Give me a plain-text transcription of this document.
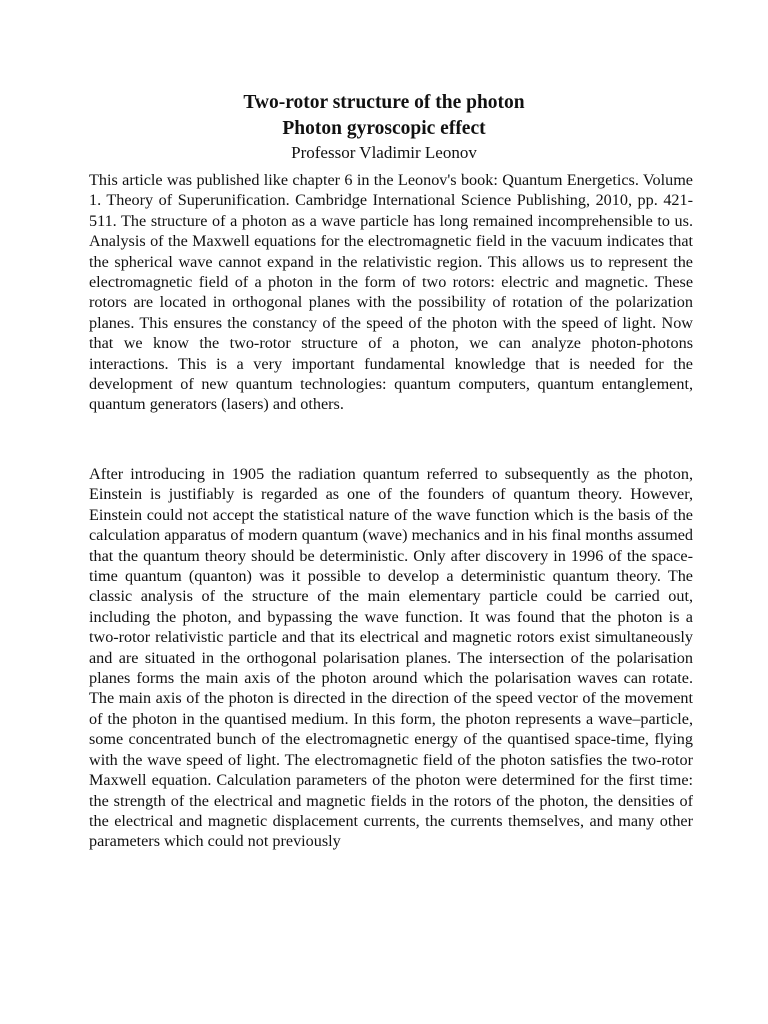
Two-rotor structure of the photon

Photon gyroscopic effect

Professor Vladimir Leonov

This article was published like chapter 6 in the Leonov's book: Quantum Energetics. Volume 1. Theory of Superunification. Cambridge International Science Publishing, 2010, pp. 421-511. The structure of a photon as a wave particle has long remained incomprehensible to us. Analysis of the Maxwell equations for the electromagnetic field in the vacuum indicates that the spherical wave cannot expand in the relativistic region. This allows us to represent the electromagnetic field of a photon in the form of two rotors: electric and magnetic. These rotors are located in orthogonal planes with the possibility of rotation of the polarization planes. This ensures the constancy of the speed of the photon with the speed of light. Now that we know the two-rotor structure of a photon, we can analyze photon-photons interactions. This is a very important fundamental knowledge that is needed for the development of new quantum technologies: quantum computers, quantum entanglement, quantum generators (lasers) and others.

After introducing in 1905 the radiation quantum referred to subsequently as the photon, Einstein is justifiably is regarded as one of the founders of quantum theory. However, Einstein could not accept the statistical nature of the wave function which is the basis of the calculation apparatus of modern quantum (wave) mechanics and in his final months assumed that the quantum theory should be deterministic. Only after discovery in 1996 of the space-time quantum (quanton) was it possible to develop a deterministic quantum theory. The classic analysis of the structure of the main elementary particle could be carried out, including the photon, and bypassing the wave function. It was found that the photon is a two-rotor relativistic particle and that its electrical and magnetic rotors exist simultaneously and are situated in the orthogonal polarisation planes. The intersection of the polarisation planes forms the main axis of the photon around which the polarisation waves can rotate. The main axis of the photon is directed in the direction of the speed vector of the movement of the photon in the quantised medium. In this form, the photon represents a wave–particle, some concentrated bunch of the electromagnetic energy of the quantised space-time, flying with the wave speed of light. The electromagnetic field of the photon satisfies the two-rotor Maxwell equation. Calculation parameters of the photon were determined for the first time: the strength of the electrical and magnetic fields in the rotors of the photon, the densities of the electrical and magnetic displacement currents, the currents themselves, and many other parameters which could not previously
